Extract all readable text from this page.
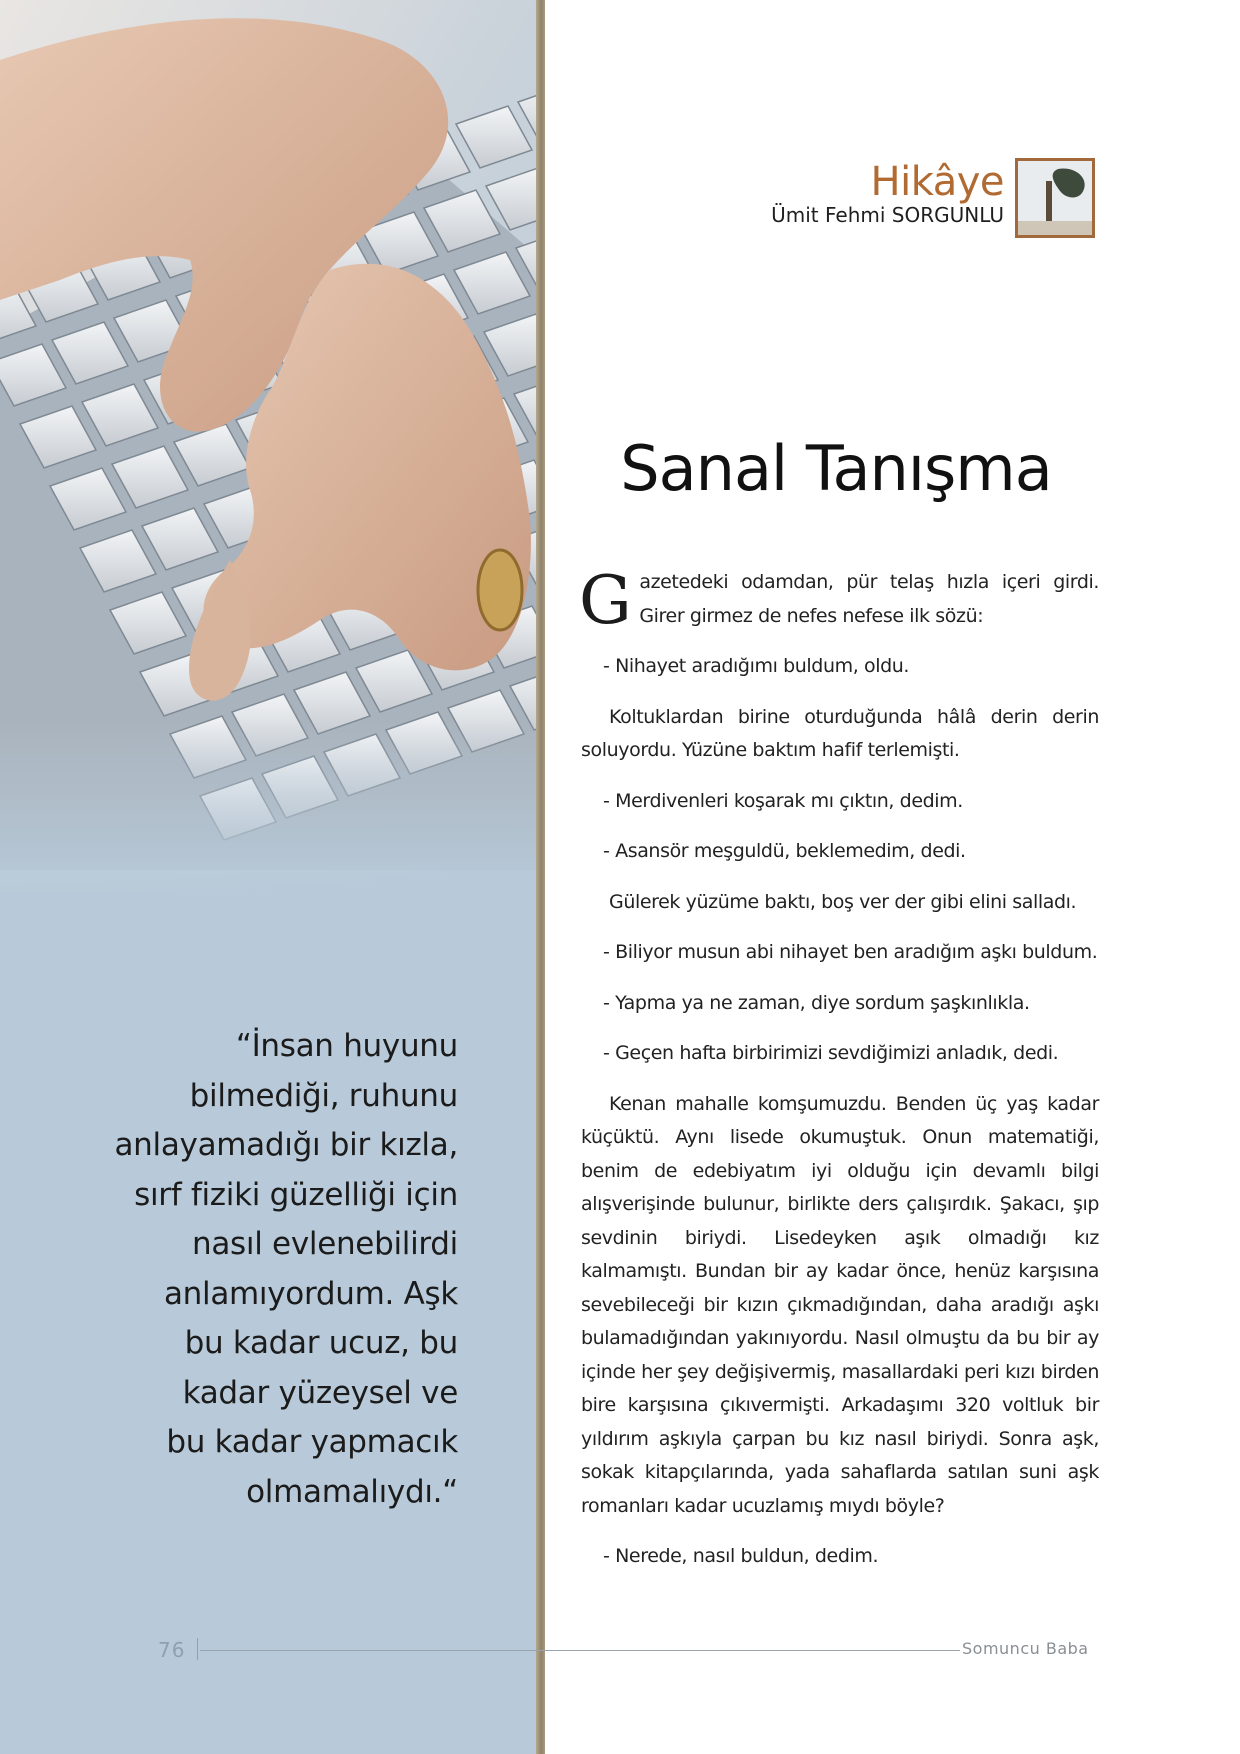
“İnsan huyunu
bilmediği, ruhunu
anlayamadığı bir kızla,
sırf fiziki güzelliği için
nasıl evlenebilirdi
anlamıyordum. Aşk
bu kadar ucuz, bu
kadar yüzeysel ve
bu kadar yapmacık
olmamalıydı.“
76
Hikâye
Ümit Fehmi SORGUNLU
Sanal Tanışma
G azetedeki odamdan, pür telaş hızla içeri girdi. Girer girmez de nefes nefese ilk sözü:

- Nihayet aradığımı buldum, oldu.

Koltuklardan birine oturduğunda hâlâ derin derin soluyordu. Yüzüne baktım hafif terlemişti.

- Merdivenleri koşarak mı çıktın, dedim.

- Asansör meşguldü, beklemedim, dedi.

Gülerek yüzüme baktı, boş ver der gibi elini salladı.

- Biliyor musun abi nihayet ben aradığım aşkı buldum.

- Yapma ya ne zaman, diye sordum şaşkınlıkla.

- Geçen hafta birbirimizi sevdiğimizi anladık, dedi.

Kenan mahalle komşumuzdu. Benden üç yaş kadar küçüktü. Aynı lisede okumuştuk. Onun matematiği, benim de edebiyatım iyi olduğu için devamlı bilgi alışverişinde bulunur, birlikte ders çalışırdık. Şakacı, şıp sevdinin biriydi. Lisedeyken aşık olmadığı kız kalmamıştı. Bundan bir ay kadar önce, henüz karşısına sevebileceği bir kızın çıkmadığından, daha aradığı aşkı bulamadığından yakınıyordu. Nasıl olmuştu da bu bir ay içinde her şey değişivermiş, masallardaki peri kızı birden bire karşısına çıkıvermişti. Arkadaşımı 320 voltluk bir yıldırım aşkıyla çarpan bu kız nasıl biriydi. Sonra aşk, sokak kitapçılarında, yada sahaflarda satılan suni aşk romanları kadar ucuzlamış mıydı böyle?

- Nerede, nasıl buldun, dedim.

Somuncu Baba
